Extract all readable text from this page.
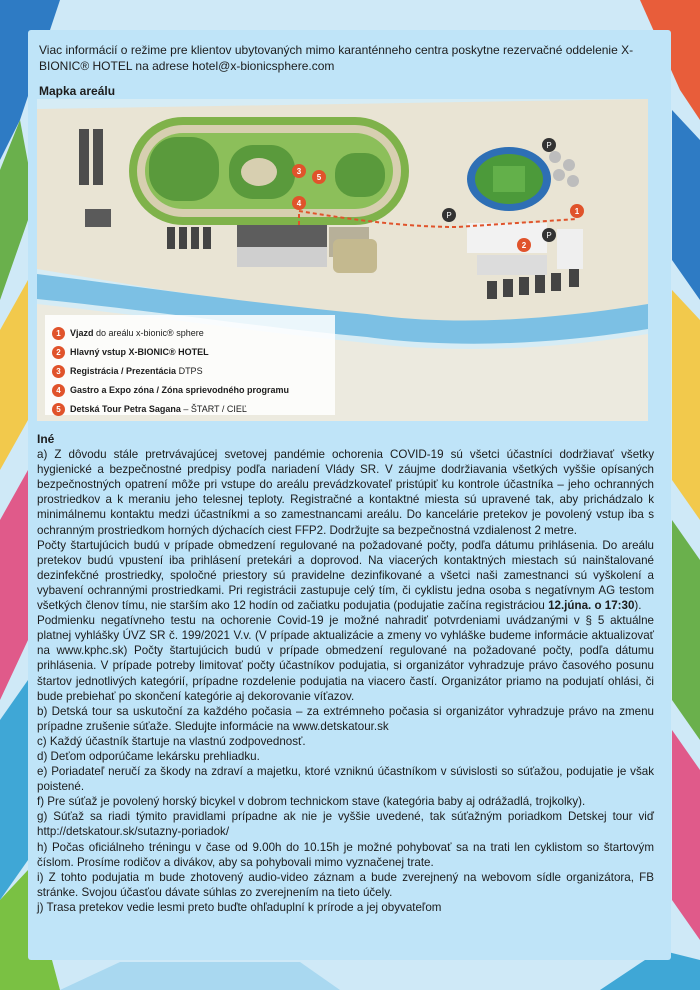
Viac informácií o režime pre klientov ubytovaných mimo karanténneho centra poskytne rezervačné oddelenie X-BIONIC® HOTEL na adrese hotel@x-bionicsphere.com
Mapka areálu
P
P
P
1
2
3
4
5
1	Vjazd do areálu x-bionic® sphere
2	Hlavný vstup X-BIONIC® HOTEL
3	Registrácia / Prezentácia DTPS
4	Gastro a Expo zóna / Zóna sprievodného programu
5	Detská Tour Petra Sagana – ŠTART / CIEĽ

Iné

a) Z dôvodu stále pretrvávajúcej svetovej pandémie ochorenia COVID-19 sú všetci účastníci dodržiavať všetky hygienické a bezpečnostné predpisy podľa nariadení Vlády SR. V záujme dodržiavania všetkých vyššie opísaných bezpečnostných opatrení môže pri vstupe do areálu prevádzkovateľ pristúpiť ku kontrole účastníka – jeho ochranných prostriedkov a k meraniu jeho telesnej teploty. Registračné a kontaktné miesta sú upravené tak, aby prichádzalo k minimálnemu kontaktu medzi účastníkmi a so zamestnancami areálu. Do kancelárie pretekov je povolený vstup iba s ochranným prostriedkom horných dýchacích ciest FFP2. Dodržujte sa bezpečnostná vzdialenost 2 metre.

Počty štartujúcich budú v prípade obmedzení regulované na požadované počty, podľa dátumu prihlásenia. Do areálu pretekov budú vpustení iba prihlásení pretekári a doprovod. Na viacerých kontaktných miestach sú nainštalované dezinfekčné prostriedky, spoločné priestory sú pravidelne dezinfikované a všetci naši zamestnanci sú vyškolení a vybavení ochrannými prostriedkami. Pri registrácii zastupuje celý tím, či cyklistu jedna osoba s negatívnym AG testom všetkých členov tímu, nie starším ako 12 hodín od začiatku podujatia (podujatie začína registráciou 12.júna. o 17:30).

Podmienku negatívneho testu na ochorenie Covid-19 je možné nahradiť potvrdeniami uvádzanými v § 5 aktuálne platnej vyhlášky ÚVZ SR č. 199/2021 V.v. (V prípade aktualizácie a zmeny vo vyhláške budeme informácie aktualizovať na www.kphc.sk) Počty štartujúcich budú v prípade obmedzení regulované na požadované počty, podľa dátumu prihlásenia. V prípade potreby limitovať počty účastníkov podujatia, si organizátor vyhradzuje právo časového posunu štartov jednotlivých kategórií, prípadne rozdelenie podujatia na viacero častí. Organizátor priamo na podujatí ohlási, či bude prebiehať po skončení kategórie aj dekorovanie víťazov.

b) Detská tour sa uskutoční za každého počasia – za extrémneho počasia si organizátor vyhradzuje právo na zmenu prípadne zrušenie súťaže. Sledujte informácie na www.detskatour.sk

c) Každý účastník štartuje na vlastnú zodpovednosť.

d) Deťom odporúčame lekársku prehliadku.

e) Poriadateľ neručí za škody na zdraví a majetku, ktoré vzniknú účastníkom v súvislosti so súťažou, podujatie je však poistené.

f) Pre súťaž je povolený horský bicykel v dobrom technickom stave (kategória baby aj odrážadlá, trojkolky).

g) Súťaž sa riadi týmito pravidlami prípadne ak nie je vyššie uvedené, tak súťažným poriadkom Detskej tour viď http://detskatour.sk/sutazny-poriadok/

h) Počas oficiálneho tréningu v čase od 9.00h do 10.15h je možné pohybovať sa na trati len cyklistom so štartovým číslom. Prosíme rodičov a divákov, aby sa pohybovali mimo vyznačenej trate.

i) Z tohto podujatia m bude zhotovený audio-video záznam a bude zverejnený na webovom sídle organizátora, FB stránke. Svojou účasťou dávate súhlas zo zverejnením na tieto účely.

j) Trasa pretekov vedie lesmi preto buďte ohľaduplní k prírode a jej obyvateľom
